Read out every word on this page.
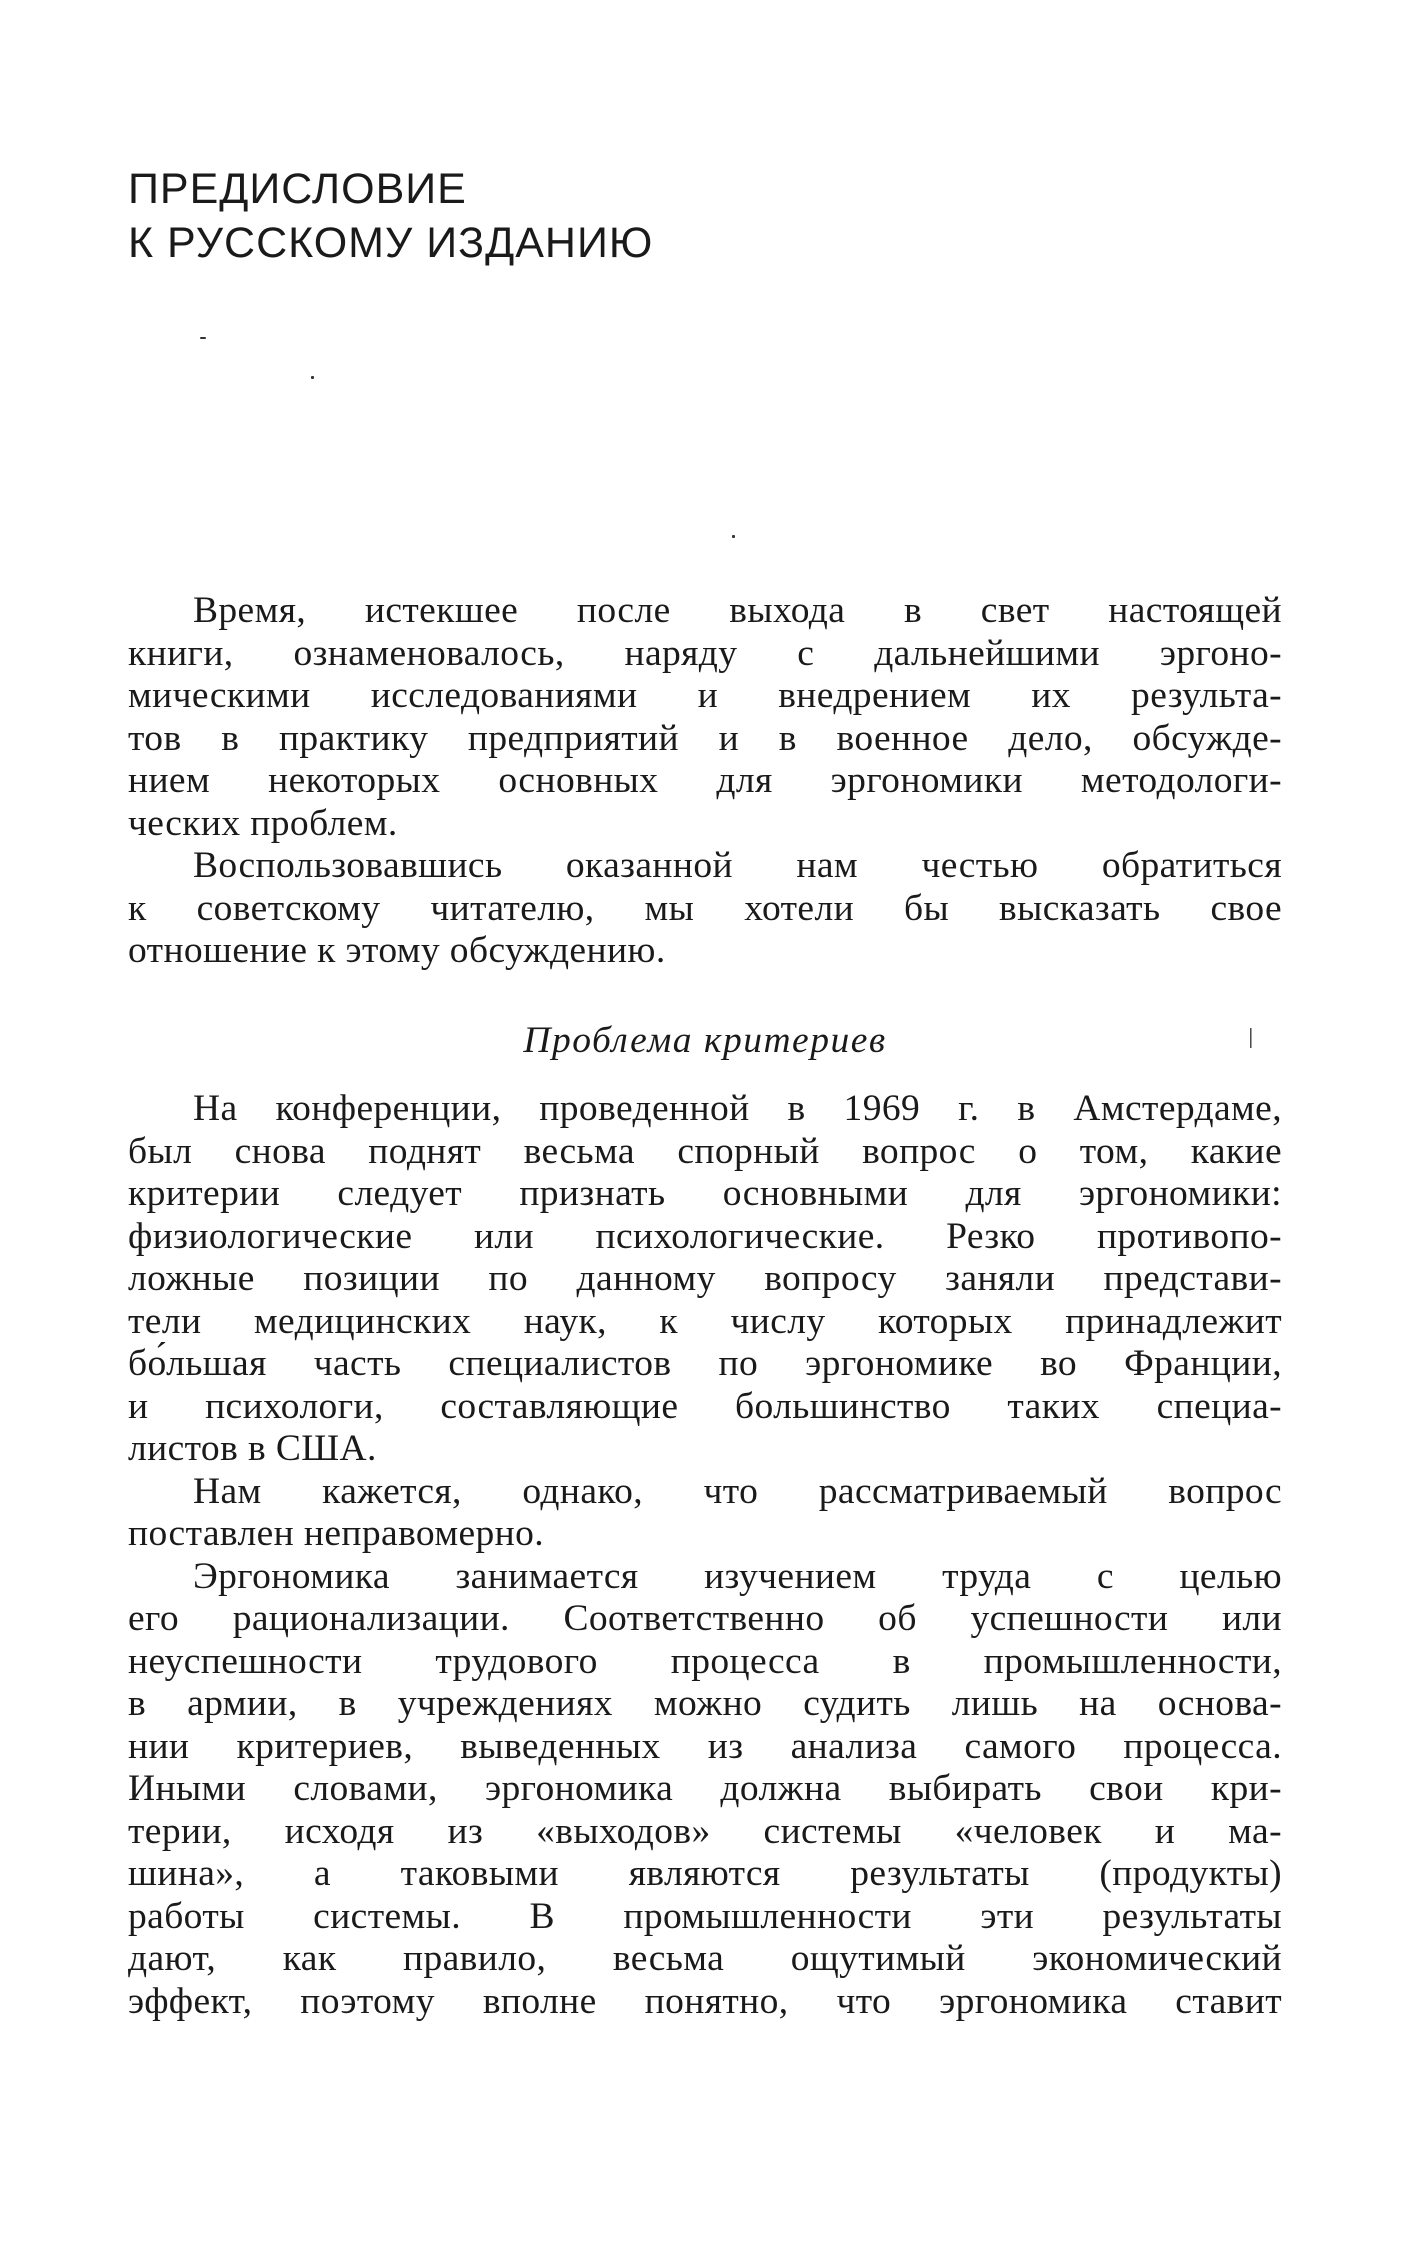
ПРЕДИСЛОВИЕ
К РУССКОМУ ИЗДАНИЮ
Время, истекшее после выхода в свет настоящей
книги, ознаменовалось, наряду с дальнейшими эргоно-
мическими исследованиями и внедрением их результа-
тов в практику предприятий и в военное дело, обсужде-
нием некоторых основных для эргономики методологи-
ческих проблем.
Воспользовавшись оказанной нам честью обратиться
к советскому читателю, мы хотели бы высказать свое
отношение к этому обсуждению.
Проблема критериев	ǀ
На конференции, проведенной в 1969 г. в Амстердаме,
был снова поднят весьма спорный вопрос о том, какие
критерии следует признать основными для эргономики:
физиологические или психологические. Резко противопо-
ложные позиции по данному вопросу заняли представи-
тели медицинских наук, к числу которых принадлежит
бо́льшая часть специалистов по эргономике во Франции,
и психологи, составляющие большинство таких специа-
листов в США.
Нам кажется, однако, что рассматриваемый вопрос
поставлен неправомерно.
Эргономика занимается изучением труда с целью
его рационализации. Соответственно об успешности или
неуспешности трудового процесса в промышленности,
в армии, в учреждениях можно судить лишь на основа-
нии критериев, выведенных из анализа самого процесса.
Иными словами, эргономика должна выбирать свои кри-
терии, исходя из «выходов» системы «человек и ма-
шина», а таковыми являются результаты (продукты)
работы системы. В промышленности эти результаты
дают, как правило, весьма ощутимый экономический
эффект, поэтому вполне понятно, что эргономика ставит
